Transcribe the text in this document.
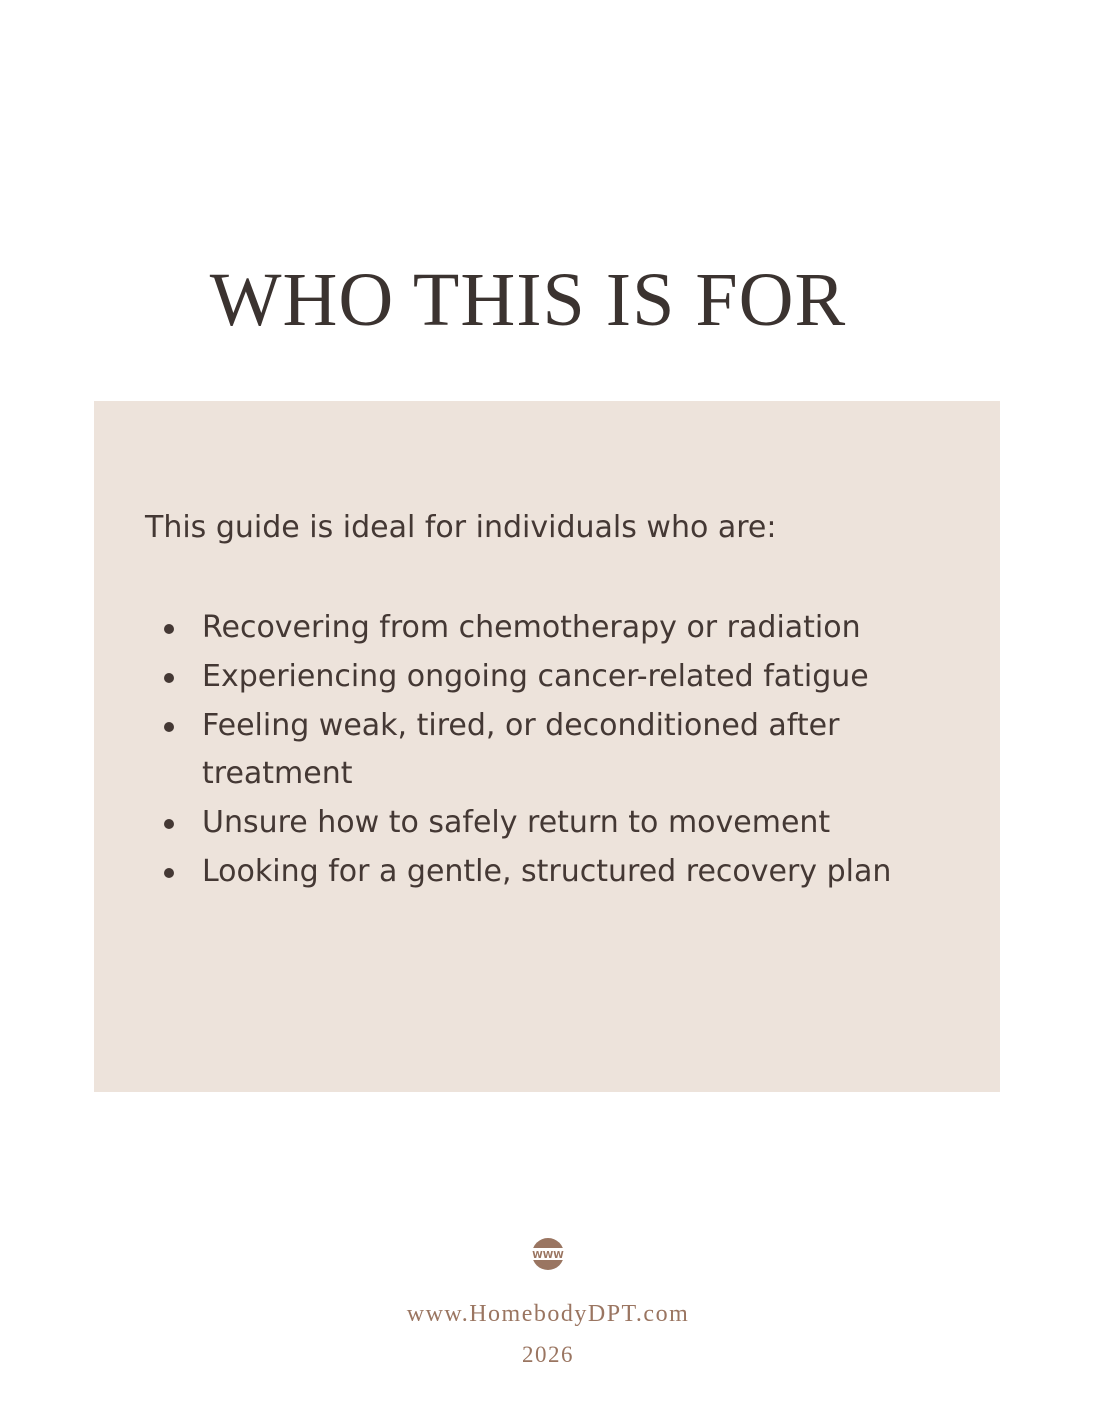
WHO THIS IS FOR

This guide is ideal for individuals who are:

Recovering from chemotherapy or radiation
Experiencing ongoing cancer-related fatigue
Feeling weak, tired, or deconditioned after treatment
Unsure how to safely return to movement
Looking for a gentle, structured recovery plan
WWW

www.HomebodyDPT.com

2026
